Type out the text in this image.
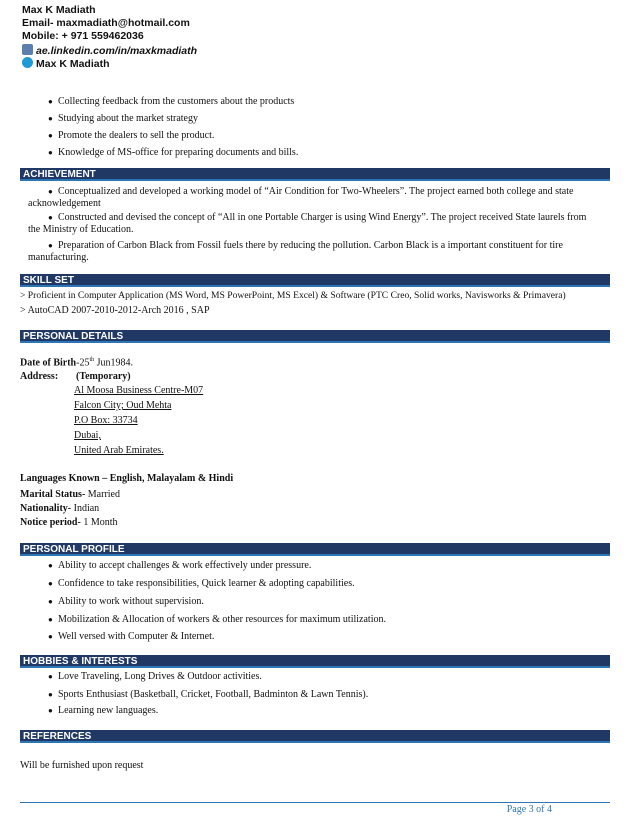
Max K Madiath
Email- maxmadiath@hotmail.com
Mobile: + 971 559462036
ae.linkedin.com/in/maxkmadiath
Max K Madiath
● Collecting feedback from the customers about the products
● Studying about the market strategy
● Promote the dealers to sell the product.
● Knowledge of MS-office for preparing documents and bills.
ACHIEVEMENT
● Conceptualized and developed a working model of “Air Condition for Two-Wheelers”. The project earned both college and state
acknowledgement
● Constructed and devised the concept of “All in one Portable Charger is using Wind Energy”. The project received State laurels from
the Ministry of Education.
● Preparation of Carbon Black from Fossil fuels there by reducing the pollution. Carbon Black is a important constituent for tire
manufacturing.
SKILL SET
> Proficient in Computer Application (MS Word, MS PowerPoint, MS Excel) & Software (PTC Creo, Solid works, Navisworks & Primavera)
> AutoCAD 2007-2010-2012-Arch 2016 , SAP
PERSONAL DETAILS
Date of Birth-25th Jun1984.
Address: (Temporary)
Al Moosa Business Centre-M07
Falcon City; Oud Mehta
P.O Box: 33734
Dubai,
United Arab Emirates.
Languages Known – English, Malayalam & Hindi
Marital Status- Married
Nationality- Indian
Notice period- 1 Month
PERSONAL PROFILE
● Ability to accept challenges & work effectively under pressure.
● Confidence to take responsibilities, Quick learner & adopting capabilities.
● Ability to work without supervision.
● Mobilization & Allocation of workers & other resources for maximum utilization.
● Well versed with Computer & Internet.
HOBBIES & INTERESTS
● Love Traveling, Long Drives & Outdoor activities.
● Sports Enthusiast (Basketball, Cricket, Football, Badminton & Lawn Tennis).
● Learning new languages.
REFERENCES
Will be furnished upon request
Page 3 of 4
